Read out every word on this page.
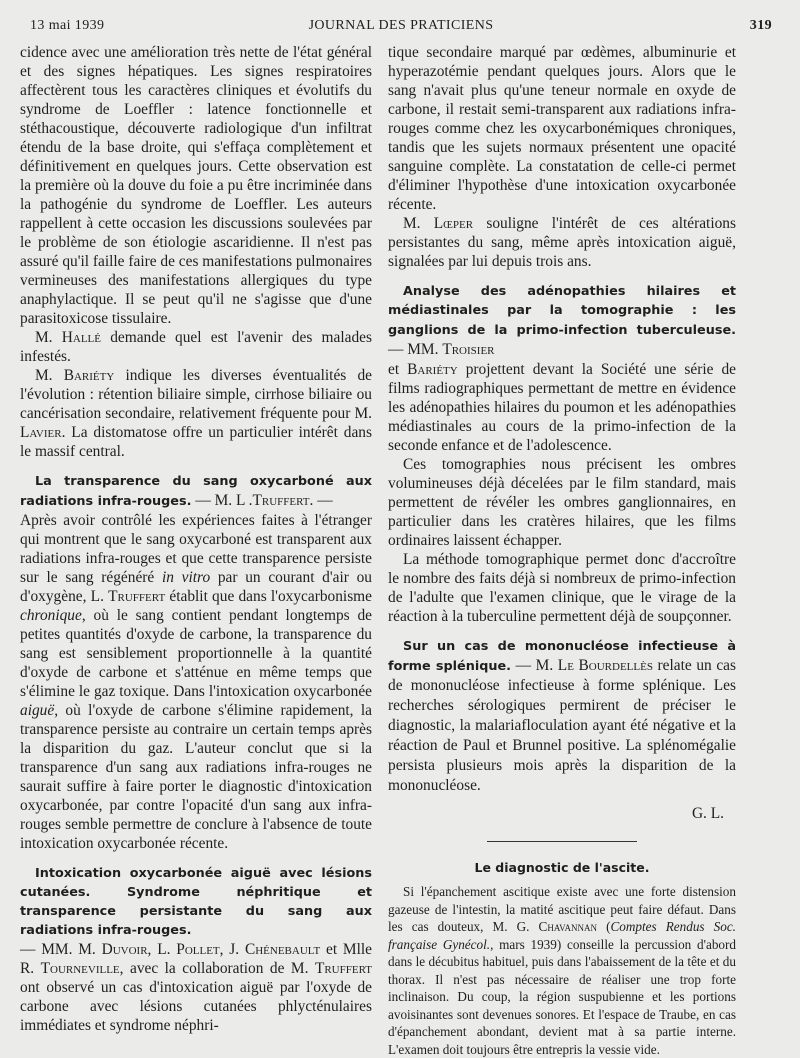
13 mai 1939	JOURNAL DES PRATICIENS	319

cidence avec une amélioration très nette de l'état général et des signes hépatiques. Les signes respiratoires affectèrent tous les caractères cliniques et évolutifs du syndrome de Loeffler : latence fonctionnelle et stéthacoustique, découverte radiologique d'un infiltrat étendu de la base droite, qui s'effaça complètement et définitivement en quelques jours. Cette observation est la première où la douve du foie a pu être incriminée dans la pathogénie du syndrome de Loeffler. Les auteurs rappellent à cette occasion les discussions soulevées par le problème de son étiologie ascaridienne. Il n'est pas assuré qu'il faille faire de ces manifestations pulmonaires vermineuses des manifestations allergiques du type anaphylactique. Il se peut qu'il ne s'agisse que d'une parasitoxicose tissulaire.

M. Hallé demande quel est l'avenir des malades infestés.

M. Bariéty indique les diverses éventualités de l'évolution : rétention biliaire simple, cirrhose biliaire ou cancérisation secondaire, relativement fréquente pour M. Lavier. La distomatose offre un particulier intérêt dans le massif central.

La transparence du sang oxycarboné aux radiations infra-rouges. — M. L .Truffert. —

Après avoir contrôlé les expériences faites à l'étranger qui montrent que le sang oxycarboné est transparent aux radiations infra-rouges et que cette transparence persiste sur le sang régénéré in vitro par un courant d'air ou d'oxygène, L. Truffert établit que dans l'oxycarbonisme chronique, où le sang contient pendant longtemps de petites quantités d'oxyde de carbone, la transparence du sang est sensiblement proportionnelle à la quantité d'oxyde de carbone et s'atténue en même temps que s'élimine le gaz toxique. Dans l'intoxication oxycarbonée aiguë, où l'oxyde de carbone s'élimine rapidement, la transparence persiste au contraire un certain temps après la disparition du gaz. L'auteur conclut que si la transparence d'un sang aux radiations infra-rouges ne saurait suffire à faire porter le diagnostic d'intoxication oxycarbonée, par contre l'opacité d'un sang aux infra-rouges semble permettre de conclure à l'absence de toute intoxication oxycarbonée récente.

Intoxication oxycarbonée aiguë avec lésions cutanées. Syndrome néphritique et transparence persistante du sang aux radiations infra-rouges.

— MM. M. Duvoir, L. Pollet, J. Chénebault et Mlle R. Tourneville, avec la collaboration de M. Truffert ont observé un cas d'intoxication aiguë par l'oxyde de carbone avec lésions cutanées phlycténulaires immédiates et syndrome néphri-

tique secondaire marqué par œdèmes, albuminurie et hyperazotémie pendant quelques jours. Alors que le sang n'avait plus qu'une teneur normale en oxyde de carbone, il restait semi-transparent aux radiations infra-rouges comme chez les oxycarbonémiques chroniques, tandis que les sujets normaux présentent une opacité sanguine complète. La constatation de celle-ci permet d'éliminer l'hypothèse d'une intoxication oxycarbonée récente.

M. Lœper souligne l'intérêt de ces altérations persistantes du sang, même après intoxication aiguë, signalées par lui depuis trois ans.

Analyse des adénopathies hilaires et médiastinales par la tomographie : les ganglions de la primo-infection tuberculeuse. — MM. Troisier

et Bariéty projettent devant la Société une série de films radiographiques permettant de mettre en évidence les adénopathies hilaires du poumon et les adénopathies médiastinales au cours de la primo-infection de la seconde enfance et de l'adolescence.

Ces tomographies nous précisent les ombres volumineuses déjà décelées par le film standard, mais permettent de révéler les ombres ganglionnaires, en particulier dans les cratères hilaires, que les films ordinaires laissent échapper.

La méthode tomographique permet donc d'accroître le nombre des faits déjà si nombreux de primo-infection de l'adulte que l'examen clinique, que le virage de la réaction à la tuberculine permettent déjà de soupçonner.

Sur un cas de mononucléose infectieuse à forme splénique. — M. Le Bourdellès relate un cas de mononucléose infectieuse à forme splénique. Les recherches sérologiques permirent de préciser le diagnostic, la malariafloculation ayant été négative et la réaction de Paul et Brunnel positive. La splénomégalie persista plusieurs mois après la disparition de la mononucléose.

G. L.

Le diagnostic de l'ascite.

Si l'épanchement ascitique existe avec une forte distension gazeuse de l'intestin, la matité ascitique peut faire défaut. Dans les cas douteux, M. G. Chavannan (Comptes Rendus Soc. française Gynécol., mars 1939) conseille la percussion d'abord dans le décubitus habituel, puis dans l'abaissement de la tête et du thorax. Il n'est pas nécessaire de réaliser une trop forte inclinaison. Du coup, la région suspubienne et les portions avoisinantes sont devenues sonores. Et l'espace de Traube, en cas d'épanchement abondant, devient mat à sa partie interne. L'examen doit toujours être entrepris la vessie vide.
